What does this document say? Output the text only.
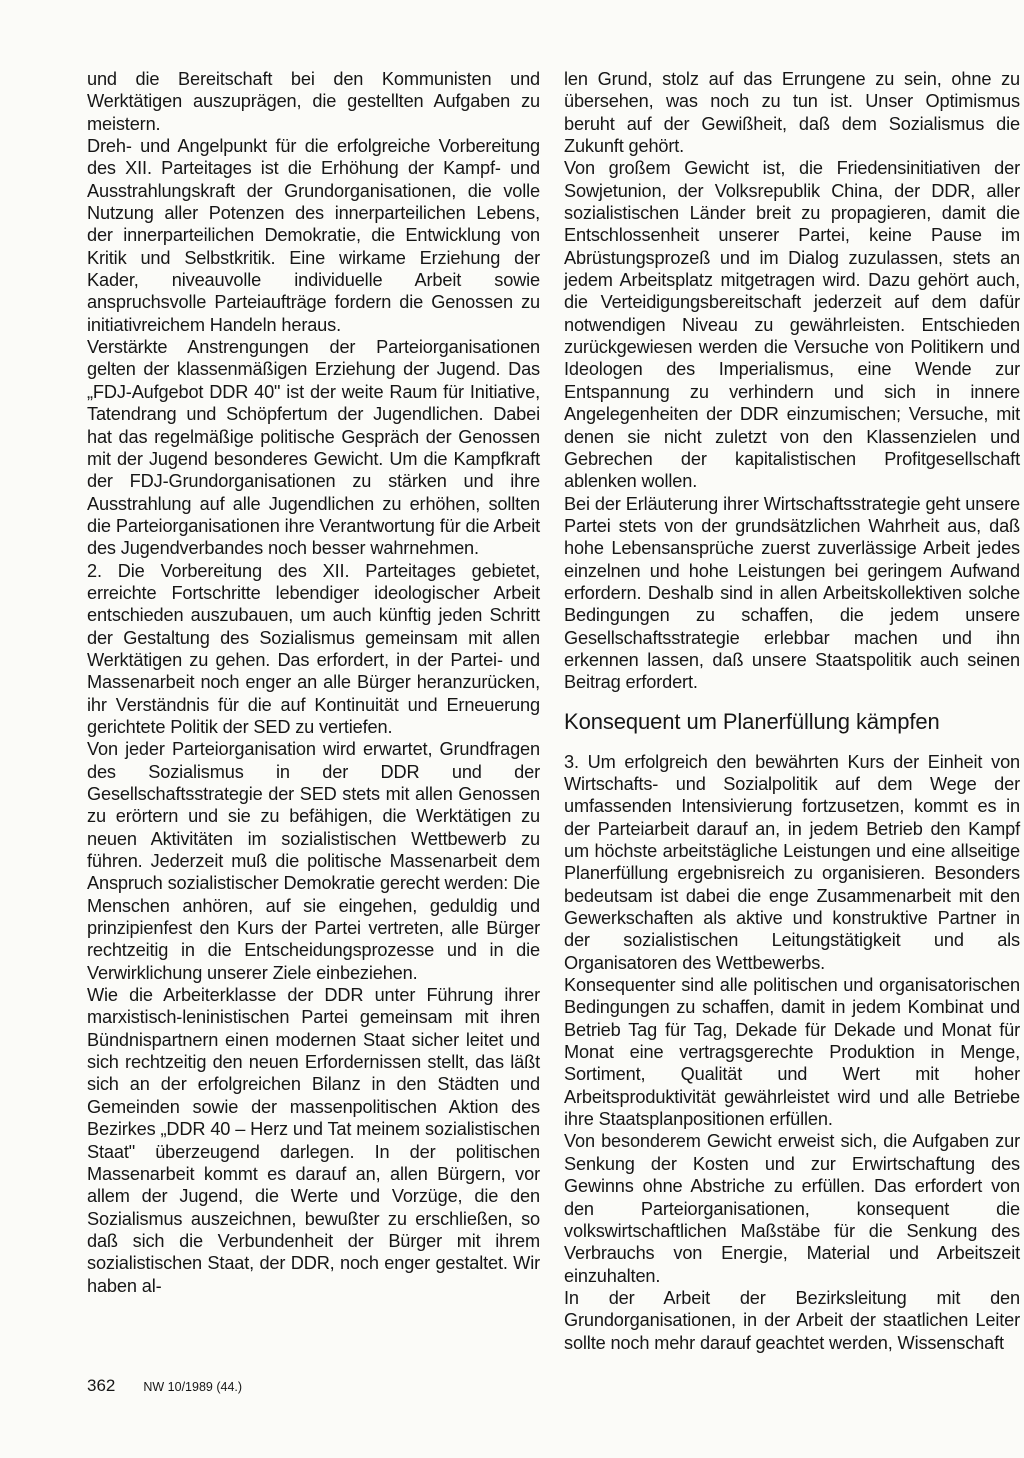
und die Bereitschaft bei den Kommunisten und Werktätigen auszuprägen, die gestellten Aufgaben zu meistern.

Dreh- und Angelpunkt für die erfolgreiche Vorbereitung des XII. Parteitages ist die Erhöhung der Kampf- und Ausstrahlungskraft der Grundorganisationen, die volle Nutzung aller Potenzen des innerparteilichen Lebens, der innerparteilichen Demokratie, die Entwicklung von Kritik und Selbstkritik. Eine wirkame Erziehung der Kader, niveauvolle individuelle Arbeit sowie anspruchsvolle Parteiaufträge fordern die Genossen zu initiativreichem Handeln heraus.

Verstärkte Anstrengungen der Parteiorganisationen gelten der klassenmäßigen Erziehung der Jugend. Das „FDJ-Aufgebot DDR 40" ist der weite Raum für Initiative, Tatendrang und Schöpfertum der Jugendlichen. Dabei hat das regelmäßige politische Gespräch der Genossen mit der Jugend besonderes Gewicht. Um die Kampfkraft der FDJ-Grundorganisationen zu stärken und ihre Ausstrahlung auf alle Jugendlichen zu erhöhen, sollten die Parteiorganisationen ihre Verantwortung für die Arbeit des Jugendverbandes noch besser wahrnehmen.

2. Die Vorbereitung des XII. Parteitages gebietet, erreichte Fortschritte lebendiger ideologischer Arbeit entschieden auszubauen, um auch künftig jeden Schritt der Gestaltung des Sozialismus gemeinsam mit allen Werktätigen zu gehen. Das erfordert, in der Partei- und Massenarbeit noch enger an alle Bürger heranzurücken, ihr Verständnis für die auf Kontinuität und Erneuerung gerichtete Politik der SED zu vertiefen.

Von jeder Parteiorganisation wird erwartet, Grundfragen des Sozialismus in der DDR und der Gesellschaftsstrategie der SED stets mit allen Genossen zu erörtern und sie zu befähigen, die Werktätigen zu neuen Aktivitäten im sozialistischen Wettbewerb zu führen. Jederzeit muß die politische Massenarbeit dem Anspruch sozialistischer Demokratie gerecht werden: Die Menschen anhören, auf sie eingehen, geduldig und prinzipienfest den Kurs der Partei vertreten, alle Bürger rechtzeitig in die Entscheidungsprozesse und in die Verwirklichung unserer Ziele einbeziehen.

Wie die Arbeiterklasse der DDR unter Führung ihrer marxistisch-leninistischen Partei gemeinsam mit ihren Bündnispartnern einen modernen Staat sicher leitet und sich rechtzeitig den neuen Erfordernissen stellt, das läßt sich an der erfolgreichen Bilanz in den Städten und Gemeinden sowie der massenpolitischen Aktion des Bezirkes „DDR 40 – Herz und Tat meinem sozialistischen Staat" überzeugend darlegen. In der politischen Massenarbeit kommt es darauf an, allen Bürgern, vor allem der Jugend, die Werte und Vorzüge, die den Sozialismus auszeichnen, bewußter zu erschließen, so daß sich die Verbundenheit der Bürger mit ihrem sozialistischen Staat, der DDR, noch enger gestaltet. Wir haben al-

len Grund, stolz auf das Errungene zu sein, ohne zu übersehen, was noch zu tun ist. Unser Optimismus beruht auf der Gewißheit, daß dem Sozialismus die Zukunft gehört.

Von großem Gewicht ist, die Friedensinitiativen der Sowjetunion, der Volksrepublik China, der DDR, aller sozialistischen Länder breit zu propagieren, damit die Entschlossenheit unserer Partei, keine Pause im Abrüstungsprozeß und im Dialog zuzulassen, stets an jedem Arbeitsplatz mitgetragen wird. Dazu gehört auch, die Verteidigungsbereitschaft jederzeit auf dem dafür notwendigen Niveau zu gewährleisten. Entschieden zurückgewiesen werden die Versuche von Politikern und Ideologen des Imperialismus, eine Wende zur Entspannung zu verhindern und sich in innere Angelegenheiten der DDR einzumischen; Versuche, mit denen sie nicht zuletzt von den Klassenzielen und Gebrechen der kapitalistischen Profitgesellschaft ablenken wollen.

Bei der Erläuterung ihrer Wirtschaftsstrategie geht unsere Partei stets von der grundsätzlichen Wahrheit aus, daß hohe Lebensansprüche zuerst zuverlässige Arbeit jedes einzelnen und hohe Leistungen bei geringem Aufwand erfordern. Deshalb sind in allen Arbeitskollektiven solche Bedingungen zu schaffen, die jedem unsere Gesellschaftsstrategie erlebbar machen und ihn erkennen lassen, daß unsere Staatspolitik auch seinen Beitrag erfordert.

Konsequent um Planerfüllung kämpfen

3. Um erfolgreich den bewährten Kurs der Einheit von Wirtschafts- und Sozialpolitik auf dem Wege der umfassenden Intensivierung fortzusetzen, kommt es in der Parteiarbeit darauf an, in jedem Betrieb den Kampf um höchste arbeitstägliche Leistungen und eine allseitige Planerfüllung ergebnisreich zu organisieren. Besonders bedeutsam ist dabei die enge Zusammenarbeit mit den Gewerkschaften als aktive und konstruktive Partner in der sozialistischen Leitungstätigkeit und als Organisatoren des Wettbewerbs.

Konsequenter sind alle politischen und organisatorischen Bedingungen zu schaffen, damit in jedem Kombinat und Betrieb Tag für Tag, Dekade für Dekade und Monat für Monat eine vertragsgerechte Produktion in Menge, Sortiment, Qualität und Wert mit hoher Arbeitsproduktivität gewährleistet wird und alle Betriebe ihre Staatsplanpositionen erfüllen.

Von besonderem Gewicht erweist sich, die Aufgaben zur Senkung der Kosten und zur Erwirtschaftung des Gewinns ohne Abstriche zu erfüllen. Das erfordert von den Parteiorganisationen, konsequent die volkswirtschaftlichen Maßstäbe für die Senkung des Verbrauchs von Energie, Material und Arbeitszeit einzuhalten.

In der Arbeit der Bezirksleitung mit den Grundorganisationen, in der Arbeit der staatlichen Leiter sollte noch mehr darauf geachtet werden, Wissenschaft

362 NW 10/1989 (44.)
